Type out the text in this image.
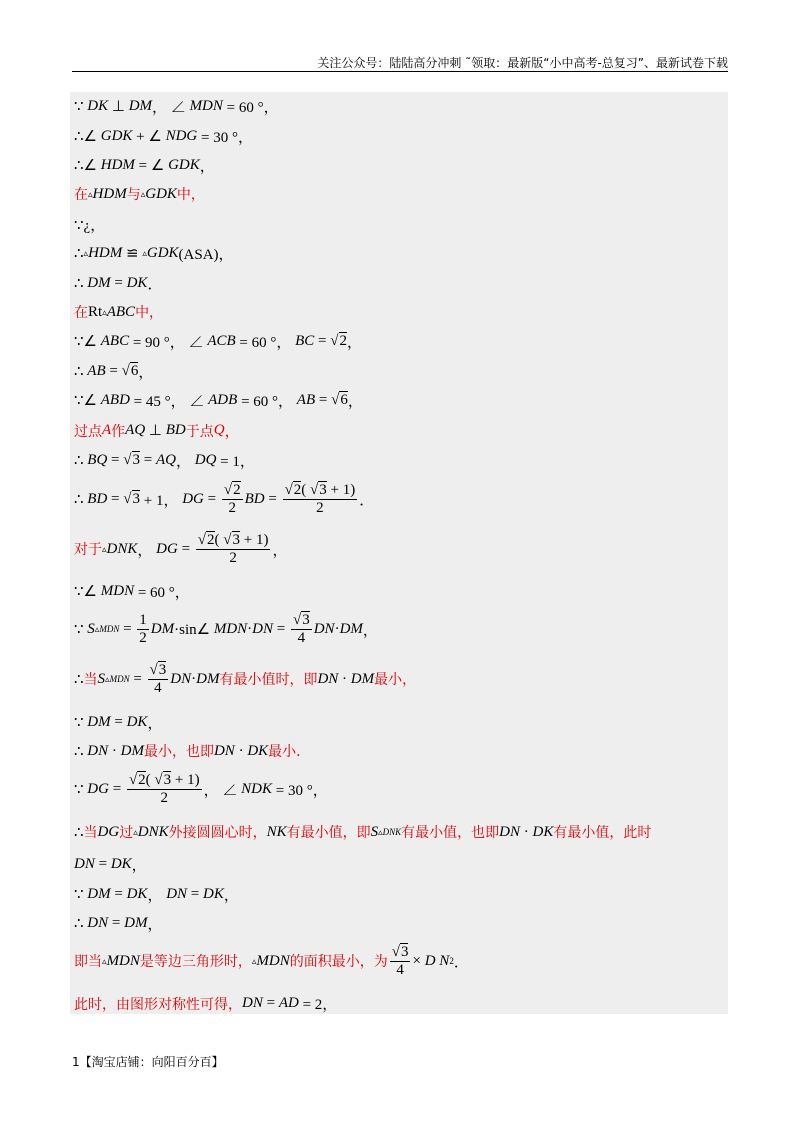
关注公众号：陆陆高分冲刺 ˜领取：最新版“小中高考-总复习”、最新试卷下载
∵ DK ⊥ DM ， ∠ MDN = 60 °，
∴∠ GDK + ∠ NDG = 30 °，
∴∠ HDM = ∠ GDK ，
在 ▵ HDM 与 ▵ GDK 中，
∵¿，
∴ ▵ HDM ≌ ▵ GDK (ASA)，
∴ DM = DK ．
在 Rt ▵ ABC 中，
∵∠ ABC = 90 °， ∠ ACB = 60 °， BC = √2 ，
∴ AB = √6 ，
∵∠ ABD = 45 °， ∠ ADB = 60 °， AB = √6 ，
过点 A 作 AQ
⊥
BD 于点 Q ，
∴ BQ = √3 = AQ ， DQ = 1，
∴ BD = √3 + 1， DG = $\frac{√2}{2}$ BD = $\frac{√2( √3 + 1)}{2}$ ．
对于 ▵ DNK ， DG = $\frac{√2( √3 + 1)}{2}$ ，
∵∠ MDN = 60 °，
∵ S ▵MDN = $\frac{1}{2}$ DM ·sin∠ MDN · DN = $\frac{√3}{4}$ DN · DM ，
∴ 当 S ▵MDN = $\frac{√3}{4}$ DN · DM 有最小值时，即 DN · DM 最小，
∵ DM = DK ，
∴ DN · DM 最小，也即 DN · DK 最小．
∵ DG = $\frac{√2( √3 + 1)}{2}$ ， ∠ NDK = 30 °，
∴ 当 DG 过 ▵ DNK 外接圆圆心时， NK 有最小值，即 S ▵DNK 有最小值，也即 DN · DK 有最小值，此时
DN = DK ，
∵ DM = DK ， DN = DK ，
∴ DN = DM ，
即当 ▵ MDN 是等边三角形时， ▵ MDN 的面积最小，为 $\frac{√3}{4} \times D$
N 2 ．
此时，由图形对称性可得， DN = AD = 2，
1【淘宝店铺：向阳百分百】
